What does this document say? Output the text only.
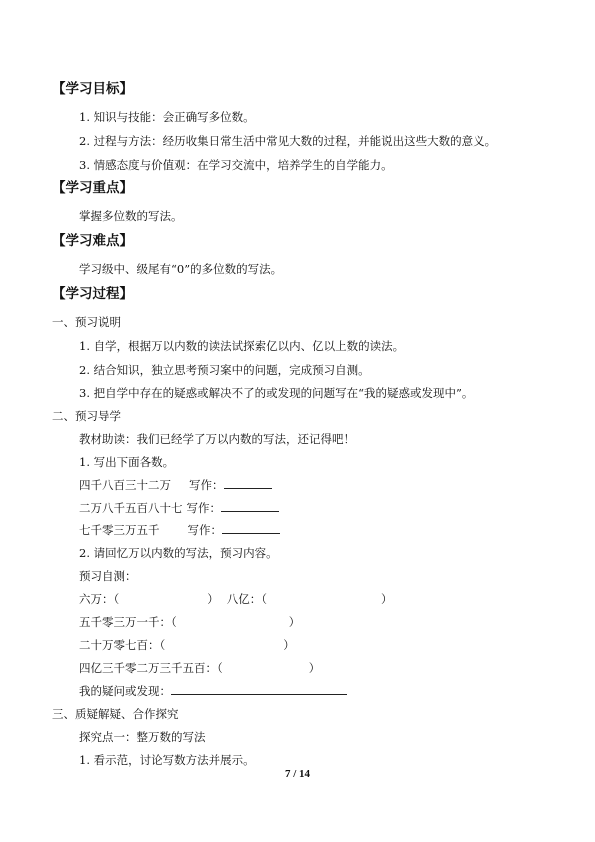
【学习目标】
1. 知识与技能：会正确写多位数。
2. 过程与方法：经历收集日常生活中常见大数的过程，并能说出这些大数的意义。
3. 情感态度与价值观：在学习交流中，培养学生的自学能力。
【学习重点】
掌握多位数的写法。
【学习难点】
学习级中、级尾有“0”的多位数的写法。
【学习过程】
一、预习说明
1. 自学，根据万以内数的读法试探索亿以内、亿以上数的读法。
2. 结合知识，独立思考预习案中的问题，完成预习自测。
3. 把自学中存在的疑惑或解决不了的或发现的问题写在“我的疑惑或发现中”。
二、预习导学
教材助读：我们已经学了万以内数的写法，还记得吧！
1. 写出下面各数。
四千八百三十二万 写作：
二万八千五百八十七 写作：
七千零三万五千 写作：
2. 请回忆万以内数的写法，预习内容。
预习自测：
六万：（	） 八亿：（	）
五千零三万一千：（	）
二十万零七百：（	）
四亿三千零二万三千五百：（	）
我的疑问或发现：
三、质疑解疑、合作探究
探究点一：整万数的写法
1. 看示范，讨论写数方法并展示。
7 / 14
